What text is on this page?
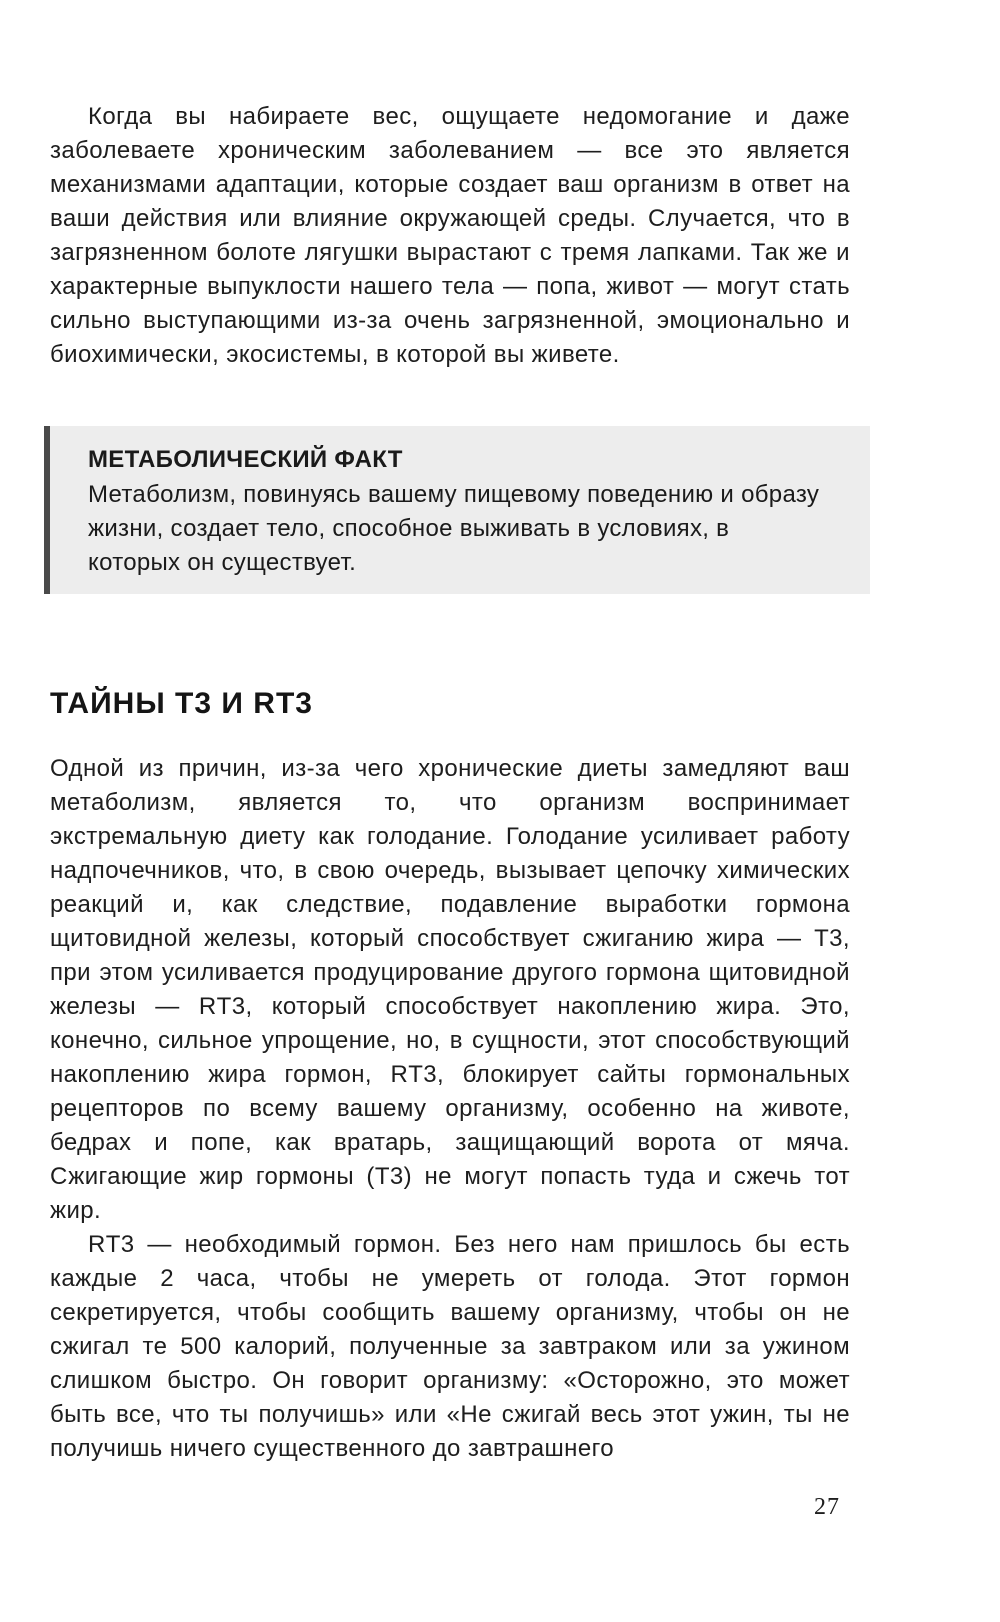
Когда вы набираете вес, ощущаете недомогание и даже заболеваете хроническим заболеванием — все это является механизмами адаптации, которые создает ваш организм в ответ на ваши действия или влияние окружающей среды. Случается, что в загрязненном болоте лягушки вырастают с тремя лапками. Так же и характерные выпуклости нашего тела — попа, живот — могут стать сильно выступающими из-за очень загрязненной, эмоционально и биохимически, экосистемы, в которой вы живете.

МЕТАБОЛИЧЕСКИЙ ФАКТ
Метаболизм, повинуясь вашему пищевому поведению и образу жизни, создает тело, способное выживать в условиях, в которых он существует.
ТАЙНЫ Т3 И RT3

Одной из причин, из-за чего хронические диеты замедляют ваш метаболизм, является то, что организм воспринимает экстремальную диету как голодание. Голодание усиливает работу надпочечников, что, в свою очередь, вызывает цепочку химических реакций и, как следствие, подавление выработки гормона щитовидной железы, который способствует сжиганию жира — Т3, при этом усиливается продуцирование другого гормона щитовидной железы — RТ3, который способствует накоплению жира. Это, конечно, сильное упрощение, но, в сущности, этот способствующий накоплению жира гормон, RТ3, блокирует сайты гормональных рецепторов по всему вашему организму, особенно на животе, бедрах и попе, как вратарь, защищающий ворота от мяча. Сжигающие жир гормоны (Т3) не могут попасть туда и сжечь тот жир.

RТ3 — необходимый гормон. Без него нам пришлось бы есть каждые 2 часа, чтобы не умереть от голода. Этот гормон секретируется, чтобы сообщить вашему организму, чтобы он не сжигал те 500 калорий, полученные за завтраком или за ужином слишком быстро. Он говорит организму: «Осторожно, это может быть все, что ты получишь» или «Не сжигай весь этот ужин, ты не получишь ничего существенного до завтрашнего

27
